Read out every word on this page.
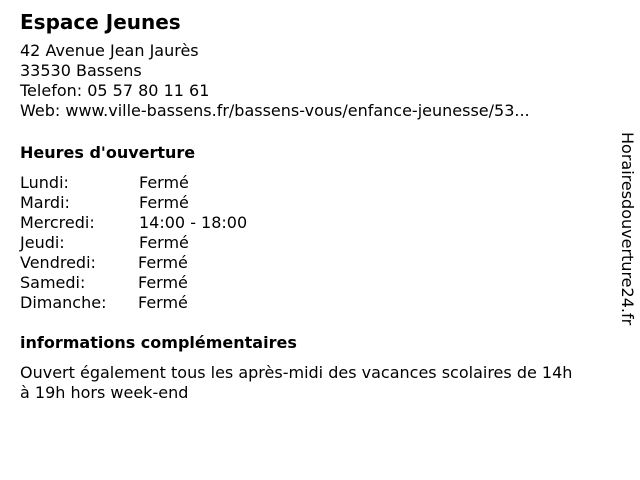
Espace Jeunes
42 Avenue Jean Jaurès
33530 Bassens
Telefon: 05 57 80 11 61
Web: www.ville-bassens.fr/bassens-vous/enfance-jeunesse/53...
Heures d'ouverture
Lundi:	Fermé
Mardi:	Fermé
Mercredi:	14:00 - 18:00
Jeudi:	Fermé
Vendredi:	Fermé
Samedi:	Fermé
Dimanche: Fermé
informations complémentaires
Ouvert également tous les après-midi des vacances scolaires de 14h
à 19h hors week-end
Horairesdouverture24.fr
